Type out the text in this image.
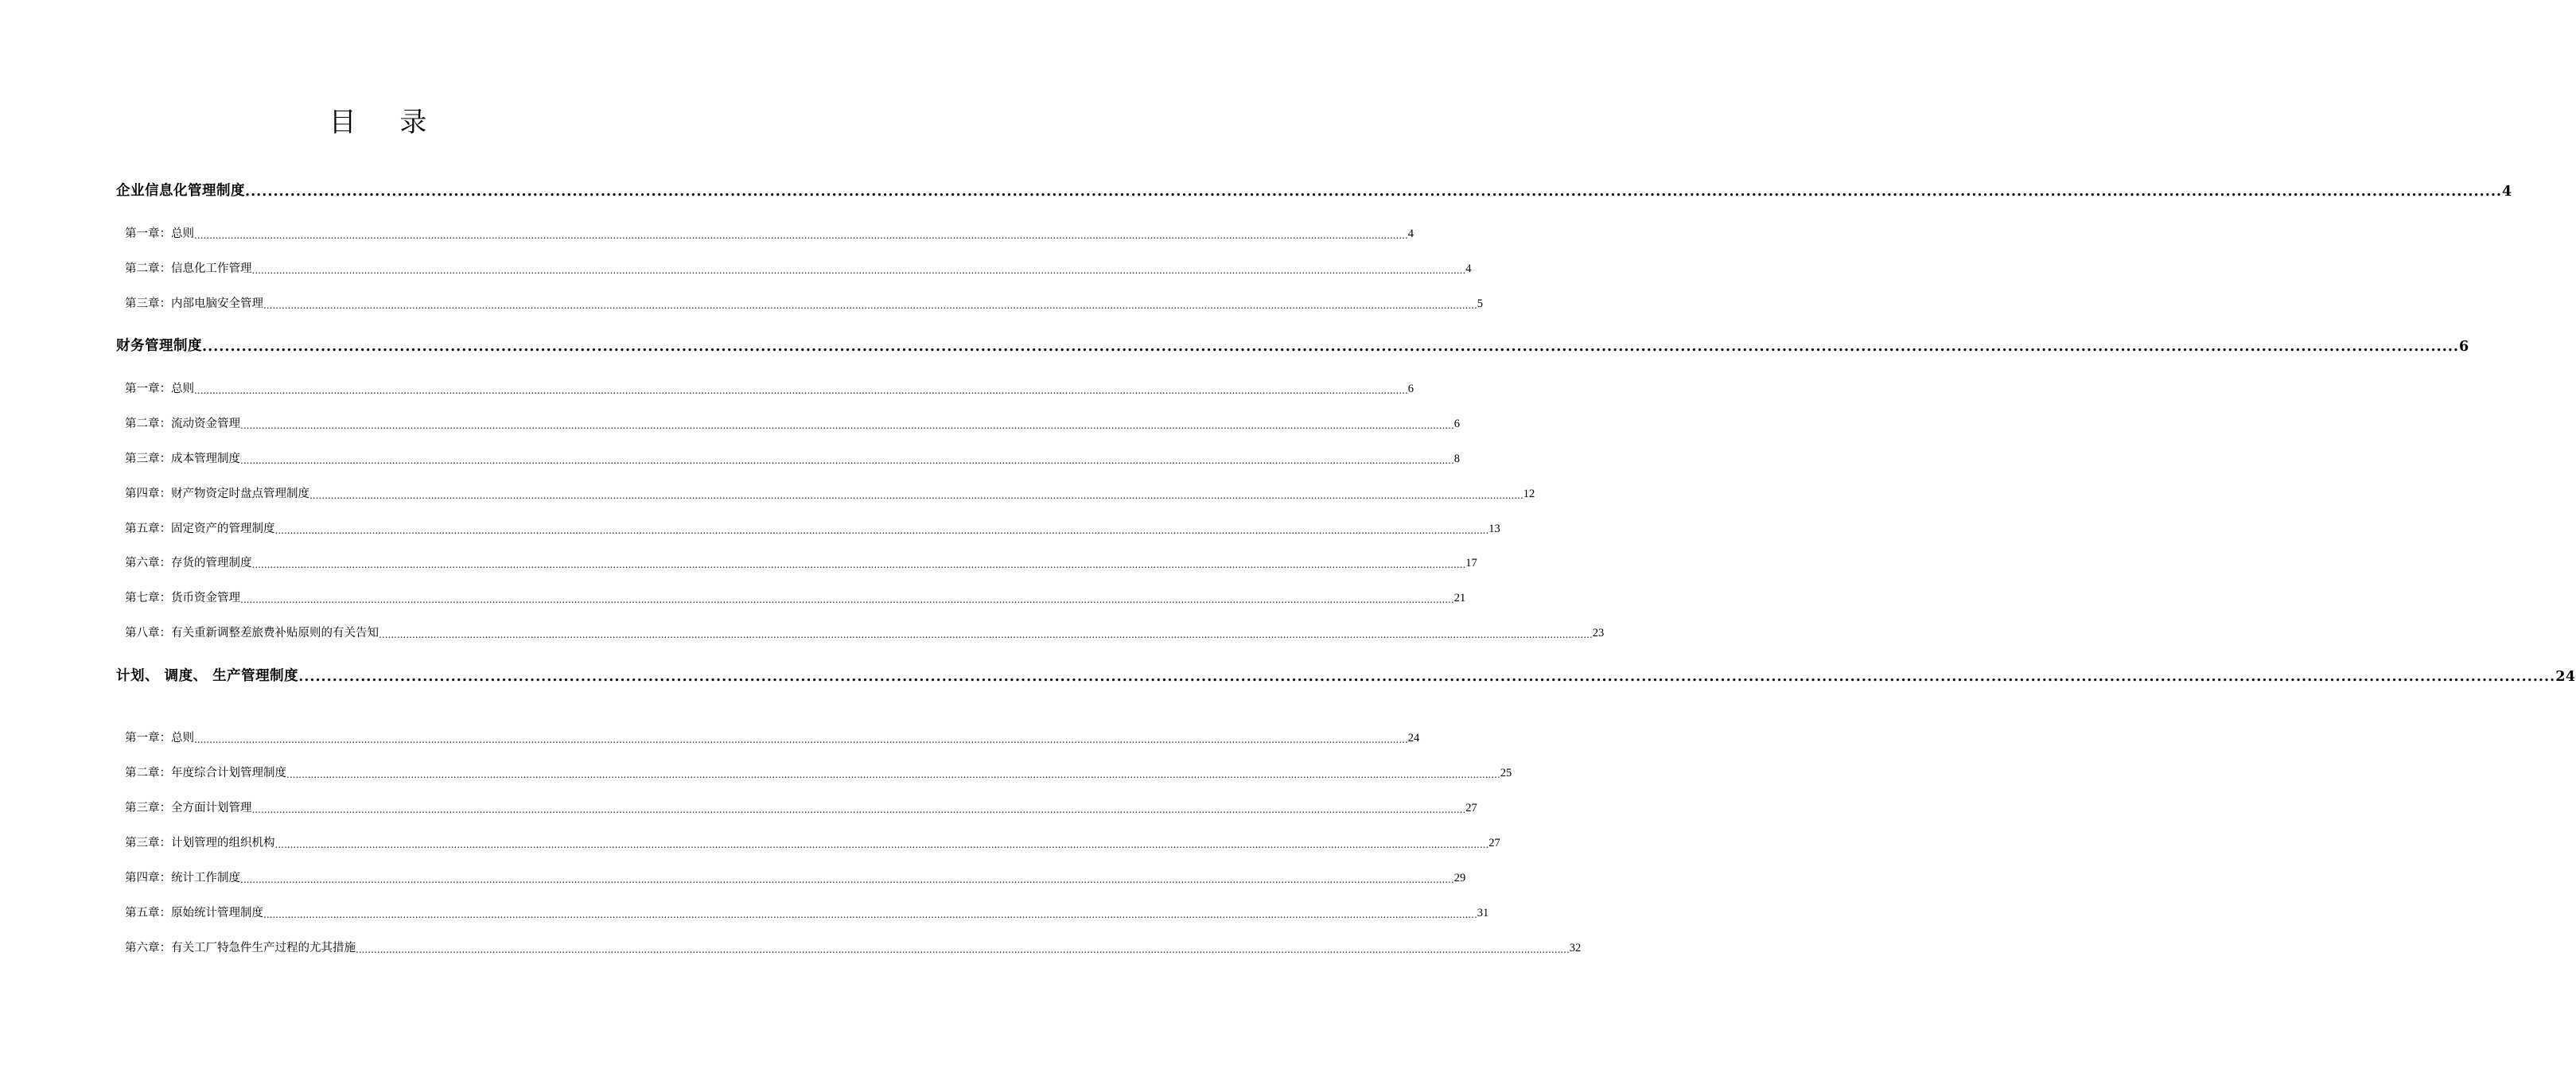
目 录
企业信息化管理制度 ................................................................................................................................................................................................................................................................................................................................................................................................................ 4
第一章：总则 ................................................................................................................................................................................................................................................................................................................................................................................................................ 4
第二章：信息化工作管理 ................................................................................................................................................................................................................................................................................................................................................................................................................ 4
第三章：内部电脑安全管理 ................................................................................................................................................................................................................................................................................................................................................................................................................ 5
财务管理制度 ................................................................................................................................................................................................................................................................................................................................................................................................................ 6
第一章：总则 ................................................................................................................................................................................................................................................................................................................................................................................................................ 6
第二章：流动资金管理 ................................................................................................................................................................................................................................................................................................................................................................................................................ 6
第三章：成本管理制度 ................................................................................................................................................................................................................................................................................................................................................................................................................ 8
第四章：财产物资定时盘点管理制度 ................................................................................................................................................................................................................................................................................................................................................................................................................ 12
第五章：固定资产的管理制度 ................................................................................................................................................................................................................................................................................................................................................................................................................ 13
第六章：存货的管理制度 ................................................................................................................................................................................................................................................................................................................................................................................................................ 17
第七章：货币资金管理 ................................................................................................................................................................................................................................................................................................................................................................................................................ 21
第八章：有关重新调整差旅费补贴原则的有关告知 ................................................................................................................................................................................................................................................................................................................................................................................................................ 23
计划、 调度、 生产管理制度 ................................................................................................................................................................................................................................................................................................................................................................................................................ 24
第一章：总则 ................................................................................................................................................................................................................................................................................................................................................................................................................ 24
第二章：年度综合计划管理制度 ................................................................................................................................................................................................................................................................................................................................................................................................................ 25
第三章：全方面计划管理 ................................................................................................................................................................................................................................................................................................................................................................................................................ 27
第三章：计划管理的组织机构 ................................................................................................................................................................................................................................................................................................................................................................................................................ 27
第四章：统计工作制度 ................................................................................................................................................................................................................................................................................................................................................................................................................ 29
第五章：原始统计管理制度 ................................................................................................................................................................................................................................................................................................................................................................................................................ 31
第六章：有关工厂特急件生产过程的尤其措施 ................................................................................................................................................................................................................................................................................................................................................................................................................ 32
